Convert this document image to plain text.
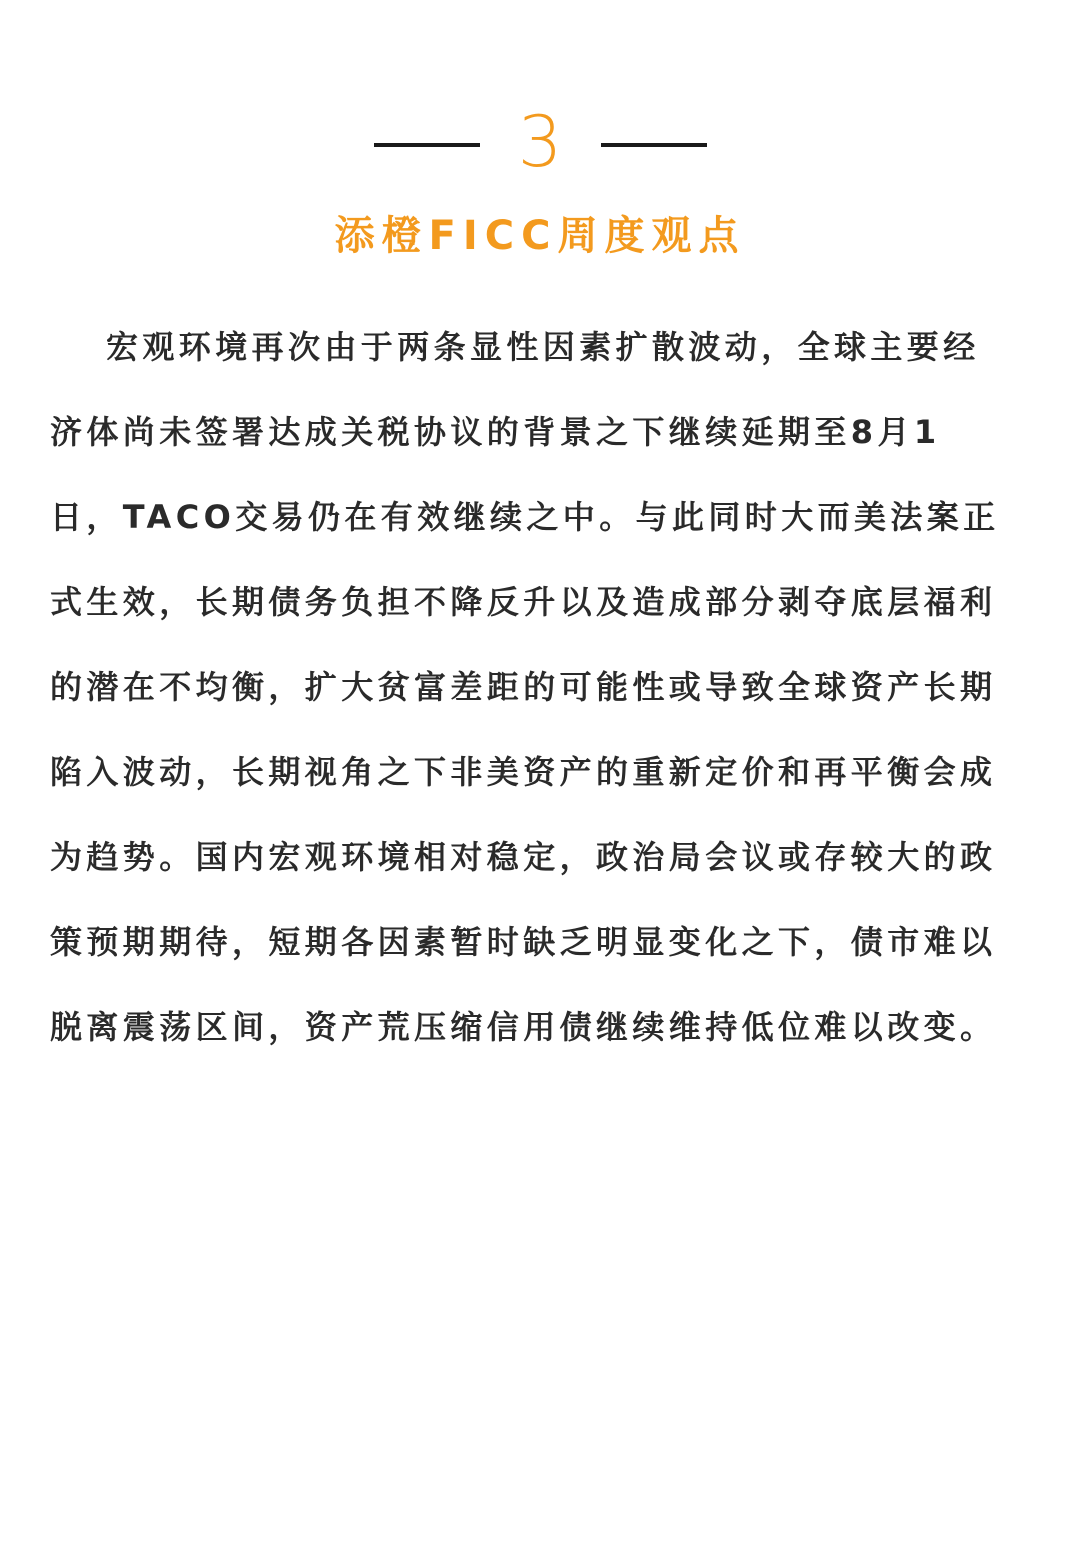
3
添橙FICC周度观点
宏观环境再次由于两条显性因素扩散波动，全球主要经
济体尚未签署达成关税协议的背景之下继续延期至8月1
日，TACO交易仍在有效继续之中。与此同时大而美法案正
式生效，长期债务负担不降反升以及造成部分剥夺底层福利
的潜在不均衡，扩大贫富差距的可能性或导致全球资产长期
陷入波动，长期视角之下非美资产的重新定价和再平衡会成
为趋势。国内宏观环境相对稳定，政治局会议或存较大的政
策预期期待，短期各因素暂时缺乏明显变化之下，债市难以
脱离震荡区间，资产荒压缩信用债继续维持低位难以改变。
